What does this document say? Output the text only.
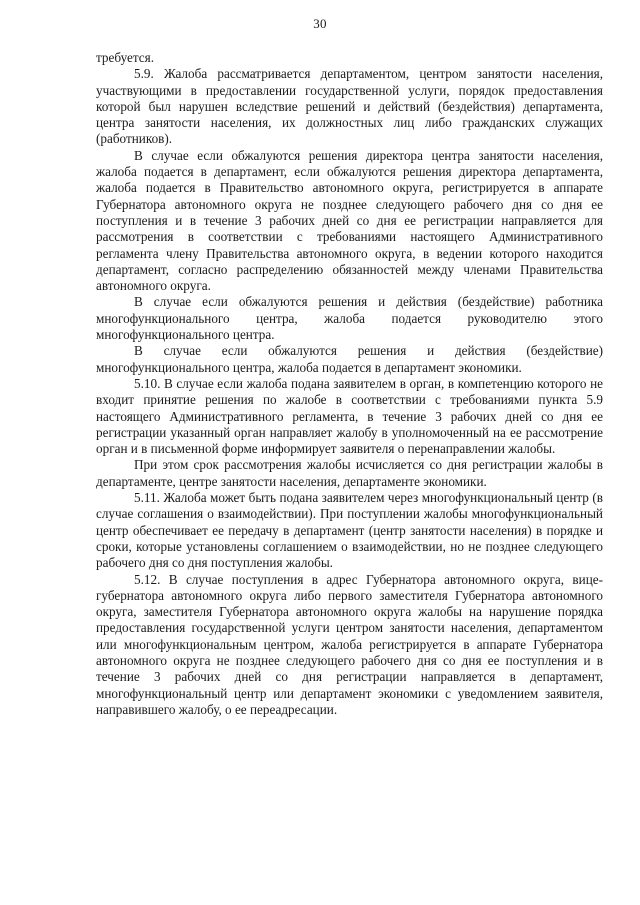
30

требуется.

5.9. Жалоба рассматривается департаментом, центром занятости населения, участвующими в предоставлении государственной услуги, порядок предоставления которой был нарушен вследствие решений и действий (бездействия) департамента, центра занятости населения, их должностных лиц либо гражданских служащих (работников).

В случае если обжалуются решения директора центра занятости населения, жалоба подается в департамент, если обжалуются решения директора департамента, жалоба подается в Правительство автономного округа, регистрируется в аппарате Губернатора автономного округа не позднее следующего рабочего дня со дня ее поступления и в течение 3 рабочих дней со дня ее регистрации направляется для рассмотрения в соответствии с требованиями настоящего Административного регламента члену Правительства автономного округа, в ведении которого находится департамент, согласно распределению обязанностей между членами Правительства автономного округа.

В случае если обжалуются решения и действия (бездействие) работника многофункционального центра, жалоба подается руководителю этого многофункционального центра.

В случае если обжалуются решения и действия (бездействие) многофункционального центра, жалоба подается в департамент экономики.

5.10. В случае если жалоба подана заявителем в орган, в компетенцию которого не входит принятие решения по жалобе в соответствии с требованиями пункта 5.9 настоящего Административного регламента, в течение 3 рабочих дней со дня ее регистрации указанный орган направляет жалобу в уполномоченный на ее рассмотрение орган и в письменной форме информирует заявителя о перенаправлении жалобы.

При этом срок рассмотрения жалобы исчисляется со дня регистрации жалобы в департаменте, центре занятости населения, департаменте экономики.

5.11. Жалоба может быть подана заявителем через многофункциональный центр (в случае соглашения о взаимодействии). При поступлении жалобы многофункциональный центр обеспечивает ее передачу в департамент (центр занятости населения) в порядке и сроки, которые установлены соглашением о взаимодействии, но не позднее следующего рабочего дня со дня поступления жалобы.

5.12. В случае поступления в адрес Губернатора автономного округа, вице-губернатора автономного округа либо первого заместителя Губернатора автономного округа, заместителя Губернатора автономного округа жалобы на нарушение порядка предоставления государственной услуги центром занятости населения, департаментом или многофункциональным центром, жалоба регистрируется в аппарате Губернатора автономного округа не позднее следующего рабочего дня со дня ее поступления и в течение 3 рабочих дней со дня регистрации направляется в департамент, многофункциональный центр или департамент экономики с уведомлением заявителя, направившего жалобу, о ее переадресации.
